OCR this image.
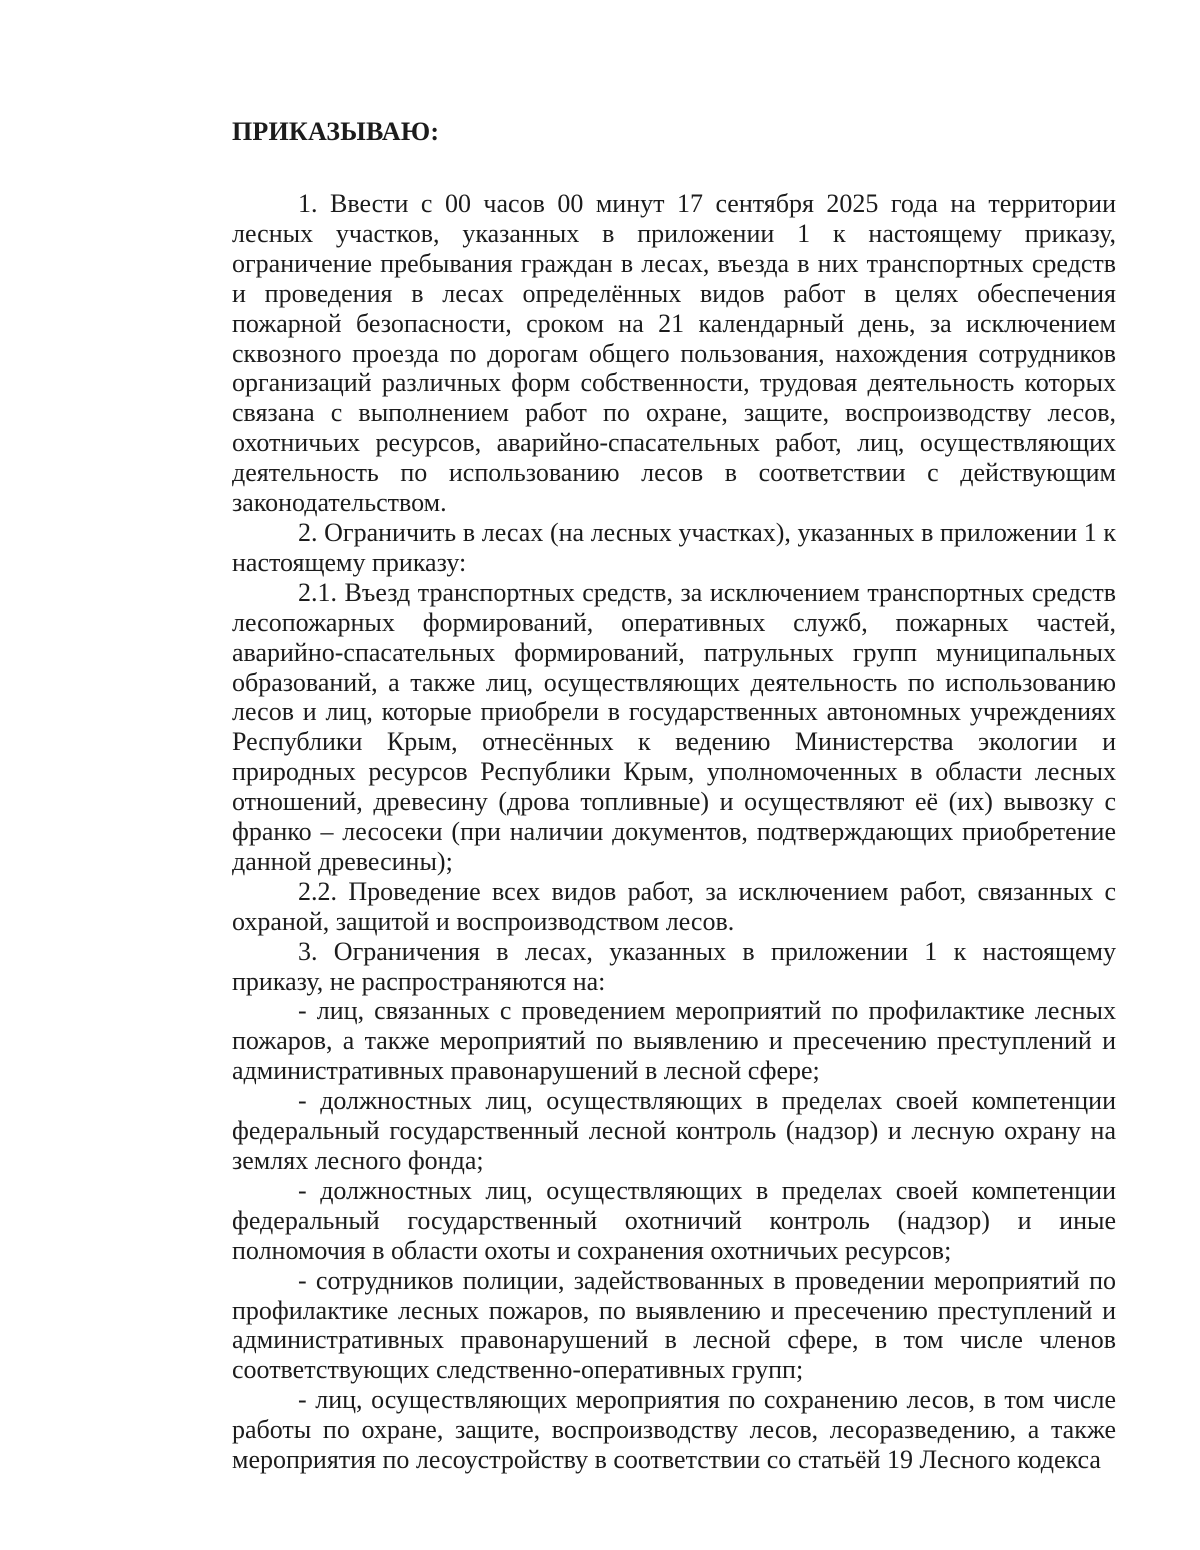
ПРИКАЗЫВАЮ:

1. Ввести с 00 часов 00 минут 17 сентября 2025 года на территории лесных участков, указанных в приложении 1 к настоящему приказу, ограничение пребывания граждан в лесах, въезда в них транспортных средств и проведения в лесах определённых видов работ в целях обеспечения пожарной безопасности, сроком на 21 календарный день, за исключением сквозного проезда по дорогам общего пользования, нахождения сотрудников организаций различных форм собственности, трудовая деятельность которых связана с выполнением работ по охране, защите, воспроизводству лесов, охотничьих ресурсов, аварийно-спасательных работ, лиц, осуществляющих деятельность по использованию лесов в соответствии с действующим законодательством.

2. Ограничить в лесах (на лесных участках), указанных в приложении 1 к настоящему приказу:

2.1. Въезд транспортных средств, за исключением транспортных средств лесопожарных формирований, оперативных служб, пожарных частей, аварийно-спасательных формирований, патрульных групп муниципальных образований, а также лиц, осуществляющих деятельность по использованию лесов и лиц, которые приобрели в государственных автономных учреждениях Республики Крым, отнесённых к ведению Министерства экологии и природных ресурсов Республики Крым, уполномоченных в области лесных отношений, древесину (дрова топливные) и осуществляют её (их) вывозку с франко – лесосеки (при наличии документов, подтверждающих приобретение данной древесины);

2.2. Проведение всех видов работ, за исключением работ, связанных с охраной, защитой и воспроизводством лесов.

3. Ограничения в лесах, указанных в приложении 1 к настоящему приказу, не распространяются на:

- лиц, связанных с проведением мероприятий по профилактике лесных пожаров, а также мероприятий по выявлению и пресечению преступлений и административных правонарушений в лесной сфере;

- должностных лиц, осуществляющих в пределах своей компетенции федеральный государственный лесной контроль (надзор) и лесную охрану на землях лесного фонда;

- должностных лиц, осуществляющих в пределах своей компетенции федеральный государственный охотничий контроль (надзор) и иные полномочия в области охоты и сохранения охотничьих ресурсов;

- сотрудников полиции, задействованных в проведении мероприятий по профилактике лесных пожаров, по выявлению и пресечению преступлений и административных правонарушений в лесной сфере, в том числе членов соответствующих следственно-оперативных групп;

- лиц, осуществляющих мероприятия по сохранению лесов, в том числе работы по охране, защите, воспроизводству лесов, лесоразведению, а также мероприятия по лесоустройству в соответствии со статьёй 19 Лесного кодекса
